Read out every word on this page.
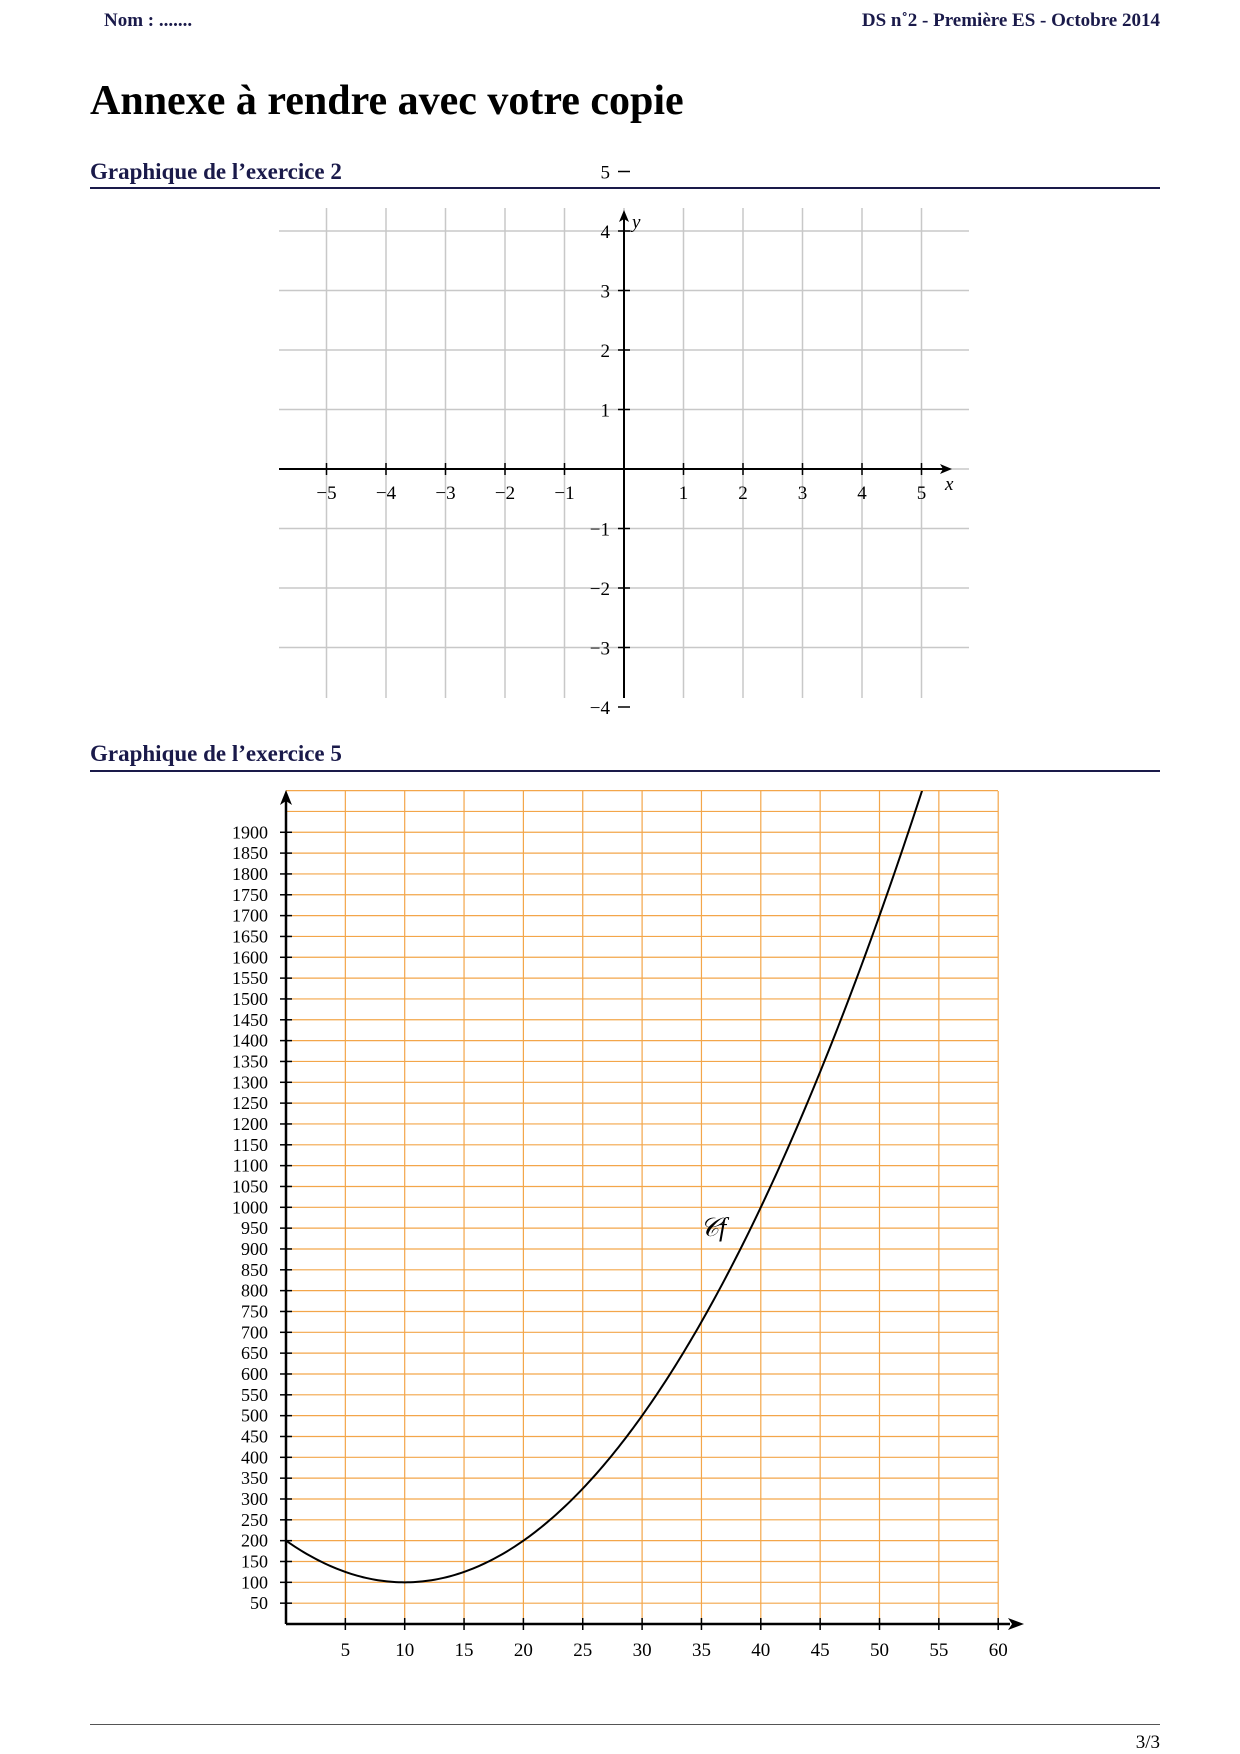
Nom : .......	DS n˚2 - Première ES - Octobre 2014
Annexe à rendre avec votre copie
Graphique de l’exercice 2
−5 −4 −3 −2 −1	1	2	3	4	5
5
4
3
2
1
−1
−2
−3
−4
x
y
Graphique de l’exercice 5
5 10 15 20 25 30 35 40 45 50 55 60
50
100
150
200
250
300
350
400
450
500
550
600
650
700
750
800
850
900
950
1000
1050
1100
1150
1200
1250
1300
1350
1400
1450
1500
1550
1600
1650
1700
1750
1800
1850
1900
𝒞f
3/3
